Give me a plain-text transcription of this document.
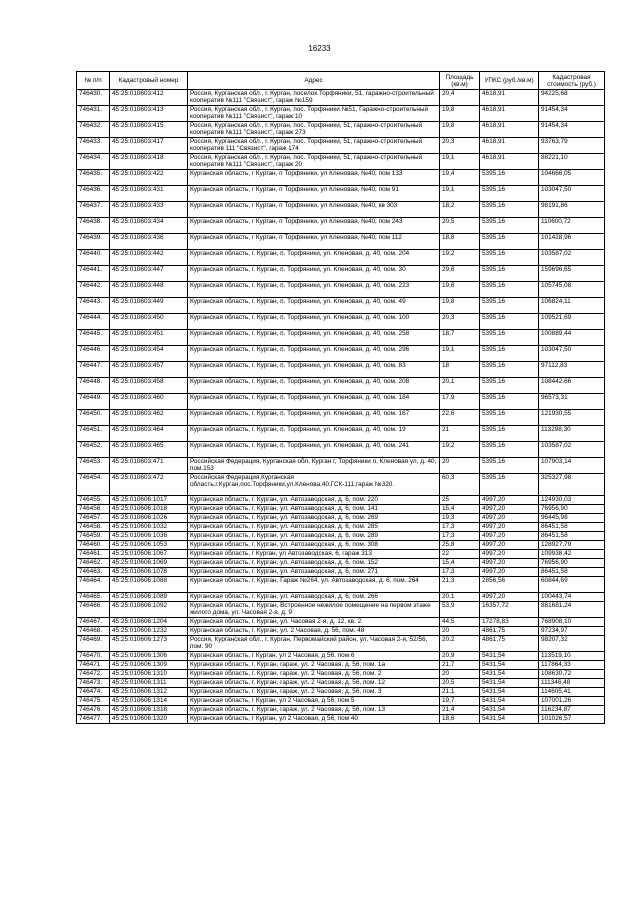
16233
№ п/п	Кадастровый номер	Адрес	Площадь (кв.м)	УПКС (руб./кв.м)	Кадастровая стоимость (руб.)
746430.	45:25:010603:412	Россия, Курганская обл., г. Курган, поселок Торфяники, 51, гаражно-строительный кооператив №111 "Связист", гараж №159	20,4	4618,91	94225,68
746431.	45:25:010603:413	Россия, Курганская обл., г. Курган, пос. Торфяники №51, Гаражно-строительный кооператив №111 "Связист", гараж 10	19,8	4618,91	91454,34
746432.	45:25:010603:415	Россия, Курганская обл., г. Курган, пос. Торфяники, 51, гаражно-строительный кооператив №111 "Связист", гараж 273	19,8	4618,91	91454,34
746433.	45:25:010603:417	Россия, Курганская обл., г. Курган, пос. Торфяники, 51, гаражно-строительный кооператив 111 "Связист", гараж 174	20,3	4618,91	93763,79
746434.	45:25:010603:418	Россия, Курганская обл., г. Курган, пос. Торфяники, 51, гаражно-строительный кооператив №111 "Связист", гараж 20	19,1	4618,91	88221,10
746435.	45:25:010603:422	Курганская область, г Курган, п Торфяники, ул Кленовая, №40, пом 133	19,4	5395,16	104666,05
746436.	45:25:010603:431	Курганская область, г Курган, п Торфяники, ул Кленовая, №40, пом 91	19,1	5395,16	103047,50
746437.	45:25:010603:433	Курганская область, г Курган, п Торфяники, ул Кленовая, №40, кв 303	18,2	5395,16	98191,86
746438.	45:25:010603:434	Курганская область, г Курган, п Торфяники, ул Кленовая, №40, пом 243	20,5	5395,16	110600,72
746439.	45:25:010603:436	Курганская область, г Курган, п Торфяники, ул Кленовая, №40, пом 112	18,8	5395,16	101428,96
746440.	45:25:010603:442	Курганская область, г. Курган, п. Торфяники, ул. Кленовая, д. 40, пом. 204	19,2	5395,16	103587,02
746441.	45:25:010603:447	Курганская область, г. Курган, п. Торфяники, ул. Кленовая, д. 40, пом. 30	29,6	5395,16	159696,65
746442.	45:25:010603:448	Курганская область, г. Курган, п. Торфяники, ул. Кленовая, д. 40, пом. 223	19,6	5395,16	105745,08
746443.	45:25:010603:449	Курганская область, г. Курган, п. Торфяники, ул. Кленовая, д. 40, пом. 49	19,8	5395,16	106824,11
746444.	45:25:010603:450	Курганская область, г. Курган, п. Торфяники, ул. Кленовая, д. 40, пом. 100	20,3	5395,16	109521,69
746445.	45:25:010603:451	Курганская область, г. Курган, п. Торфяники, ул. Кленовая, д. 40, пом. 258	18,7	5395,16	100889,44
746446.	45:25:010603:454	Курганская область, г. Курган, п. Торфяники, ул. Кленовая, д. 40, пом. 296	19,1	5395,16	103047,50
746447.	45:25:010603:457	Курганская область, г. Курган, п. Торфяники, ул. Кленовая, д. 40, пом. 83	18	5395,16	97112,83
746448.	45:25:010603:458	Курганская область, г. Курган, п. Торфяники, ул. Кленовая, д. 40, пом. 208	20,1	5395,16	108442,66
746449.	45:25:010603:460	Курганская область, г. Курган, п. Торфяники, ул. Кленовая, д. 40, пом. 184	17,9	5395,16	96573,31
746450.	45:25:010603:462	Курганская область, г. Курган, п. Торфяники, ул. Кленовая, д. 40, пом. 167	22,6	5395,16	121930,55
746451.	45:25:010603:464	Курганская область, г. Курган, п. Торфяники, ул. Кленовая, д. 40, пом. 19	21	5395,16	113298,30
746452.	45:25:010603:465	Курганская область, г. Курган, п. Торфяники, ул. Кленовая, д. 40, пом. 241	19,2	5395,16	103587,02
746453.	45:25:010603:471	Российская Федерация, Курганская обл, Курган г, Торфяники п, Кленовая ул, д. 40, пом.153	20	5395,16	107903,14
746454.	45:25:010603:472	Российская Федерация,Курганская область,г.Курган,пос.Торфяники,ул.Кленова,40.ГСК-111,гараж №320.	60,3	5395,16	325327,98
746455.	45:25:010606:1017	Курганская область, г. Курган, ул. Автозаводская, д. 6, пом. 220	25	4997,20	124930,03
746456.	45:25:010606:1018	Курганская область, г. Курган, ул. Автозаводская, д. 6, пом. 141	15,4	4997,20	76956,90
746457.	45:25:010606:1026	Курганская область, г. Курган, ул. Автозаводская, д. 6, пом. 269	19,3	4997,20	96445,98
746458.	45:25:010606:1032	Курганская область, г. Курган, ул. Автозаводская, д. 6, пом. 285	17,3	4997,20	86451,58
746459.	45:25:010606:1036	Курганская область, г. Курган, ул. Автозаводская, д. 6, пом. 289	17,3	4997,20	86451,58
746460.	45:25:010606:1053	Курганская область, г. Курган, ул. Автозаводская, д. 6, пом. 308	25,8	4997,20	128927,79
746461.	45:25:010606:1067	Курганская область, г Курган, ул Автозаводская, 6, гараж 313	22	4997,20	109938,42
746462.	45:25:010606:1069	Курганская область, г. Курган, ул. Автозаводская, д. 6, пом. 152	15,4	4997,20	76956,90
746463.	45:25:010606:1078	Курганская область, г. Курган, ул. Автозаводская, д. 6, пом. 271	17,3	4997,20	86451,58
746464.	45:25:010606:1088	Курганская область, г. Курган, Гараж №264, ул. Автозаводская, д. 6, пом. 264	21,3	2856,56	60844,69
746465.	45:25:010606:1089	Курганская область, г. Курган, ул. Автозаводская, д. 6, пом. 266	20,1	4997,20	100443,74
746466.	45:25:010606:1092	Курганская область, г. Курган, Встроенное нежилое помещение на первом этаже жилого дома, ул. Часовая 2-я, д. 9	53,9	16357,72	881681,24
746467.	45:25:010606:1204	Курганская область, г. Курган, ул. Часовая 2-я, д. 12, кв. 2	44,5	17278,83	768908,10
746468.	45:25:010606:1232	Курганская область, г. Курган, ул. 2 Часовая, д. 56, пом. 48	20	4861,75	97234,97
746469.	45:25:010606:1273	Россия, Курганская обл., г. Курган, Первомайский район, ул. Часовая 2-я, 52/56, пом. 90	20,2	4861,75	98207,32
746470.	45:25:010606:1306	Курганская область, г Курган, ул 2 Часовая, д 56, пом 6	20,9	5431,54	113519,10
746471.	45:25:010606:1309	Курганская область, г. Курган, гараж, ул. 2 Часовая, д. 56, пом. 1а	21,7	5431,54	117864,33
746472.	45:25:010606:1310	Курганская область, г. Курган, гараж, ул. 2 Часовая, д. 56, пом. 2	20	5431,54	108630,72
746473.	45:25:010606:1311	Курганская область, г. Курган, гараж, ул. 2 Часовая, д. 56, пом. 12	20,5	5431,54	111346,48
746474.	45:25:010606:1312	Курганская область, г. Курган, гараж, ул. 2 Часовая, д. 56, пом. 3	21,1	5431,54	114605,41
746475.	45:25:010606:1314	Курганская область, г Курган, ул 2 Часовая, д 56, пом 5	19,7	5431,54	107001,26
746476.	45:25:010606:1318	Курганская область, г. Курган, гараж, ул. 2 Часовая, д. 56, пом. 13	21,4	5431,54	116234,87
746477.	45:25:010606:1320	Курганская область, г Курган, ул 2 Часовая, д 56, пом 40	18,6	5431,54	101026,57
